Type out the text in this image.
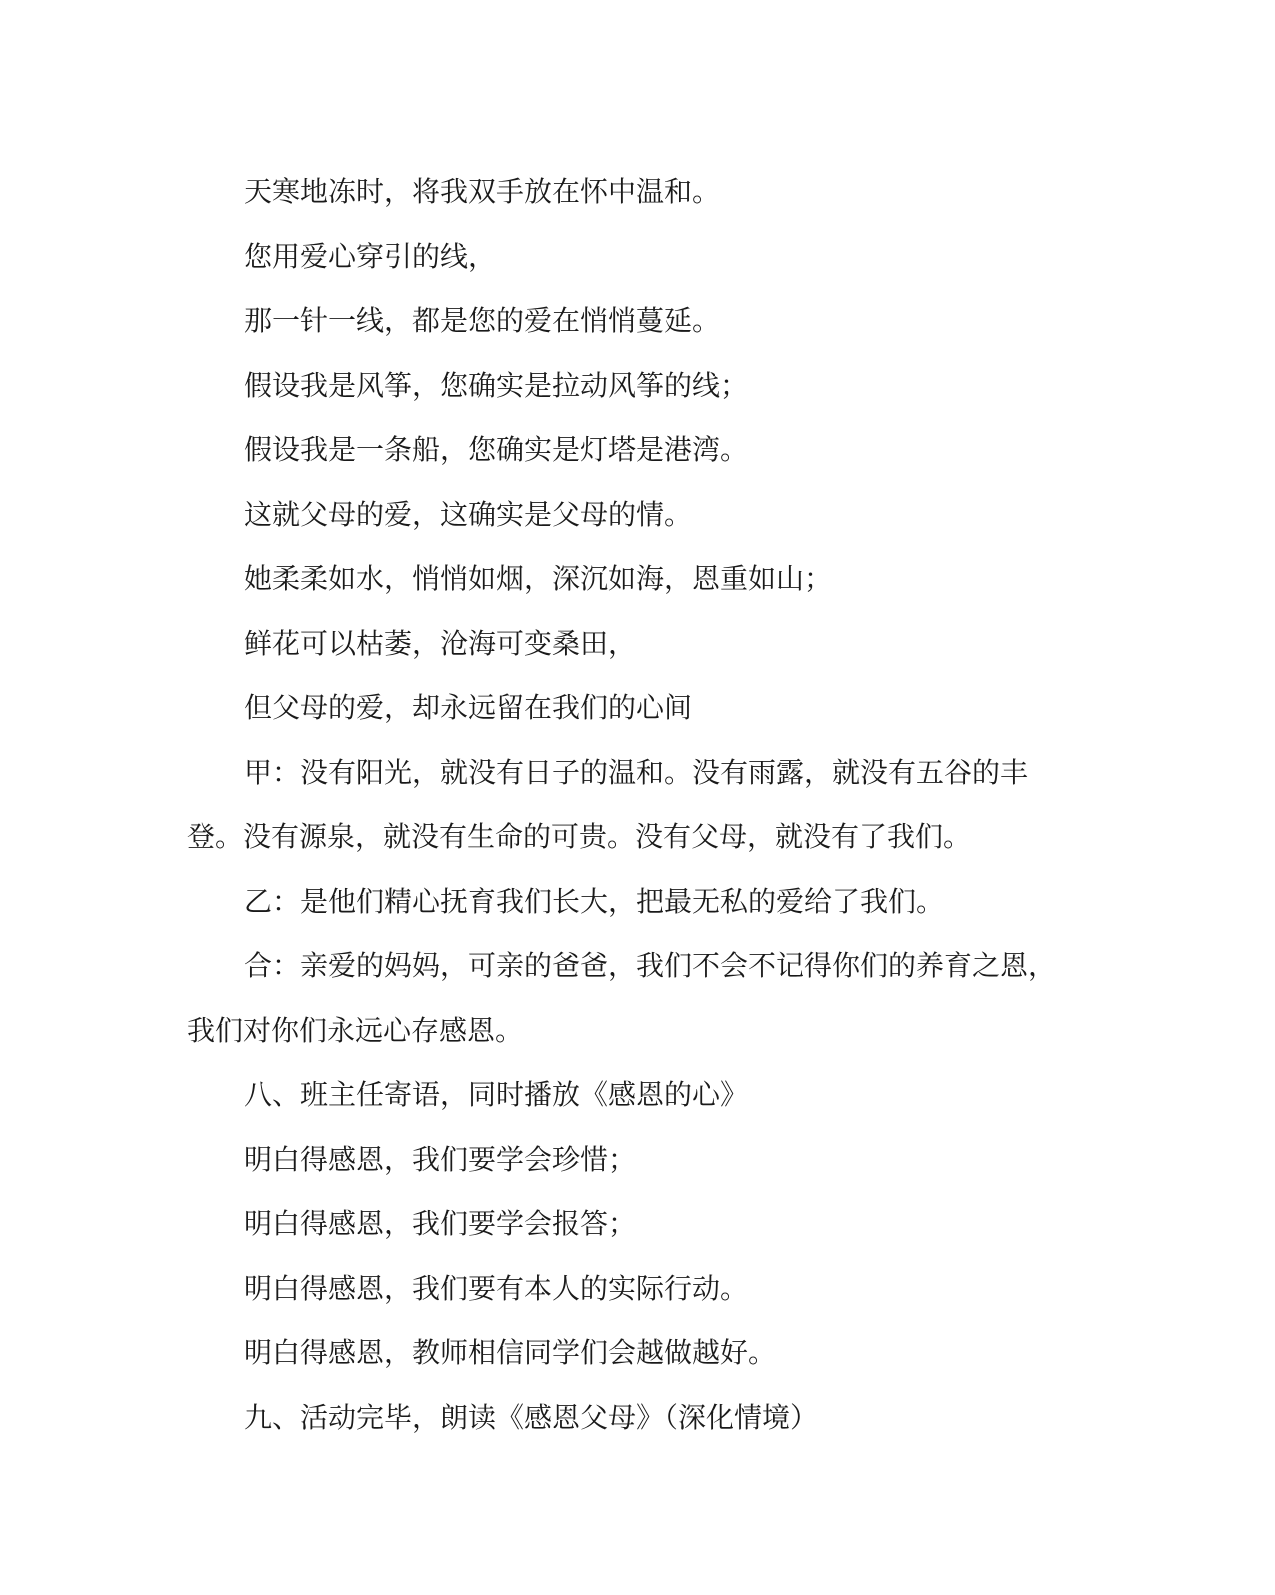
天寒地冻时，将我双手放在怀中温和。

您用爱心穿引的线，

那一针一线，都是您的爱在悄悄蔓延。

假设我是风筝，您确实是拉动风筝的线；

假设我是一条船，您确实是灯塔是港湾。

这就父母的爱，这确实是父母的情。

她柔柔如水，悄悄如烟，深沉如海，恩重如山；

鲜花可以枯萎，沧海可变桑田，

但父母的爱，却永远留在我们的心间

甲：没有阳光，就没有日子的温和。没有雨露，就没有五谷的丰登。没有源泉，就没有生命的可贵。没有父母，就没有了我们。

乙：是他们精心抚育我们长大，把最无私的爱给了我们。

合：亲爱的妈妈，可亲的爸爸，我们不会不记得你们的养育之恩，我们对你们永远心存感恩。

八、班主任寄语，同时播放《感恩的心》

明白得感恩，我们要学会珍惜；

明白得感恩，我们要学会报答；

明白得感恩，我们要有本人的实际行动。

明白得感恩，教师相信同学们会越做越好。

九、活动完毕，朗读《感恩父母》（深化情境）
